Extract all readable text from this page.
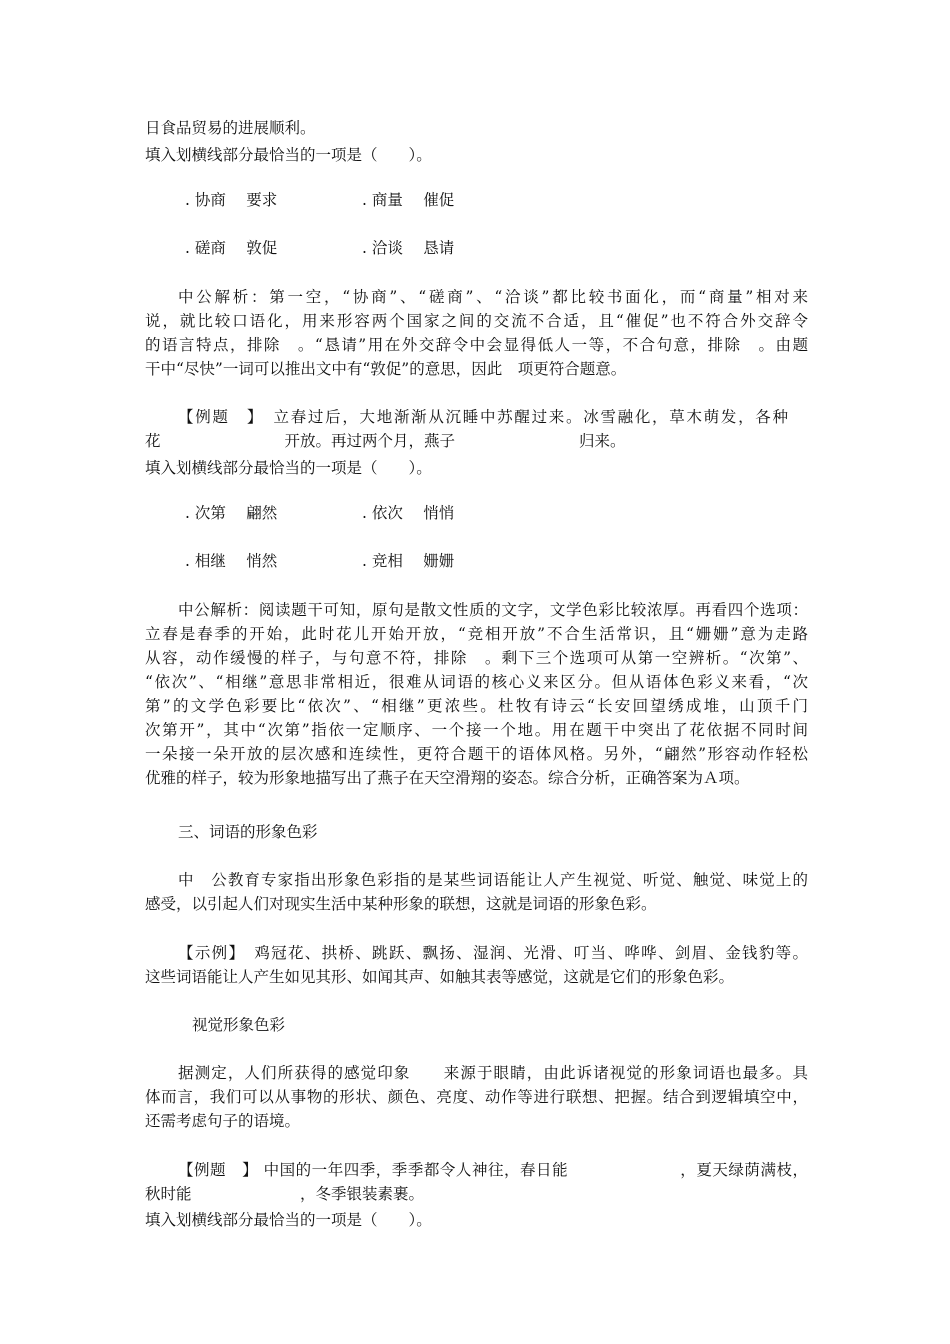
日食品贸易的进展顺利。
填入划横线部分最恰当的一项是（　　）。
. 协商　 要求	. 商量　 催促
. 磋商　 敦促	. 洽谈　 恳请
中公解析：第一空，“协商”、“磋商”、“洽谈”都比较书面化，而“商量”相对来
说，就比较口语化，用来形容两个国家之间的交流不合适，且“催促”也不符合外交辞令
的语言特点，排除　。“恳请”用在外交辞令中会显得低人一等，不合句意，排除　。由题
干中“尽快”一词可以推出文中有“敦促”的意思，因此　项更符合题意。
【例题　】　立春过后，大地渐渐从沉睡中苏醒过来。冰雪融化，草木萌发，各种
花　　　　　　　　开放。再过两个月，燕子　　　　　　　　归来。
填入划横线部分最恰当的一项是（　　）。
. 次第　 翩然	. 依次　 悄悄
. 相继　 悄然	. 竞相　 姗姗
中公解析：阅读题干可知，原句是散文性质的文字，文学色彩比较浓厚。再看四个选项：
立春是春季的开始，此时花儿开始开放，“竞相开放”不合生活常识，且“姗姗”意为走路
从容，动作缓慢的样子，与句意不符，排除　。剩下三个选项可从第一空辨析。“次第”、
“依次”、“相继”意思非常相近，很难从词语的核心义来区分。但从语体色彩义来看，“次
第”的文学色彩要比“依次”、“相继”更浓些。杜牧有诗云“长安回望绣成堆，山顶千门
次第开”，其中“次第”指依一定顺序、一个接一个地。用在题干中突出了花依据不同时间
一朵接一朵开放的层次感和连续性，更符合题干的语体风格。另外，“翩然”形容动作轻松
优雅的样子，较为形象地描写出了燕子在天空滑翔的姿态。综合分析，正确答案为Ａ项。
三、词语的形象色彩
中　公教育专家指出形象色彩指的是某些词语能让人产生视觉、听觉、触觉、味觉上的
感受，以引起人们对现实生活中某种形象的联想，这就是词语的形象色彩。
【示例】　鸡冠花、拱桥、跳跃、飘扬、湿润、光滑、叮当、哗哗、剑眉、金钱豹等。
这些词语能让人产生如见其形、如闻其声、如触其表等感觉，这就是它们的形象色彩。
视觉形象色彩
据测定，人们所获得的感觉印象　　来源于眼睛，由此诉诸视觉的形象词语也最多。具
体而言，我们可以从事物的形状、颜色、亮度、动作等进行联想、把握。结合到逻辑填空中，
还需考虑句子的语境。
【例题　】 中国的一年四季，季季都令人神往，春日能　　　　　　　，夏天绿荫满枝，
秋时能　　　　　　　，冬季银装素裹。
填入划横线部分最恰当的一项是（　　）。
